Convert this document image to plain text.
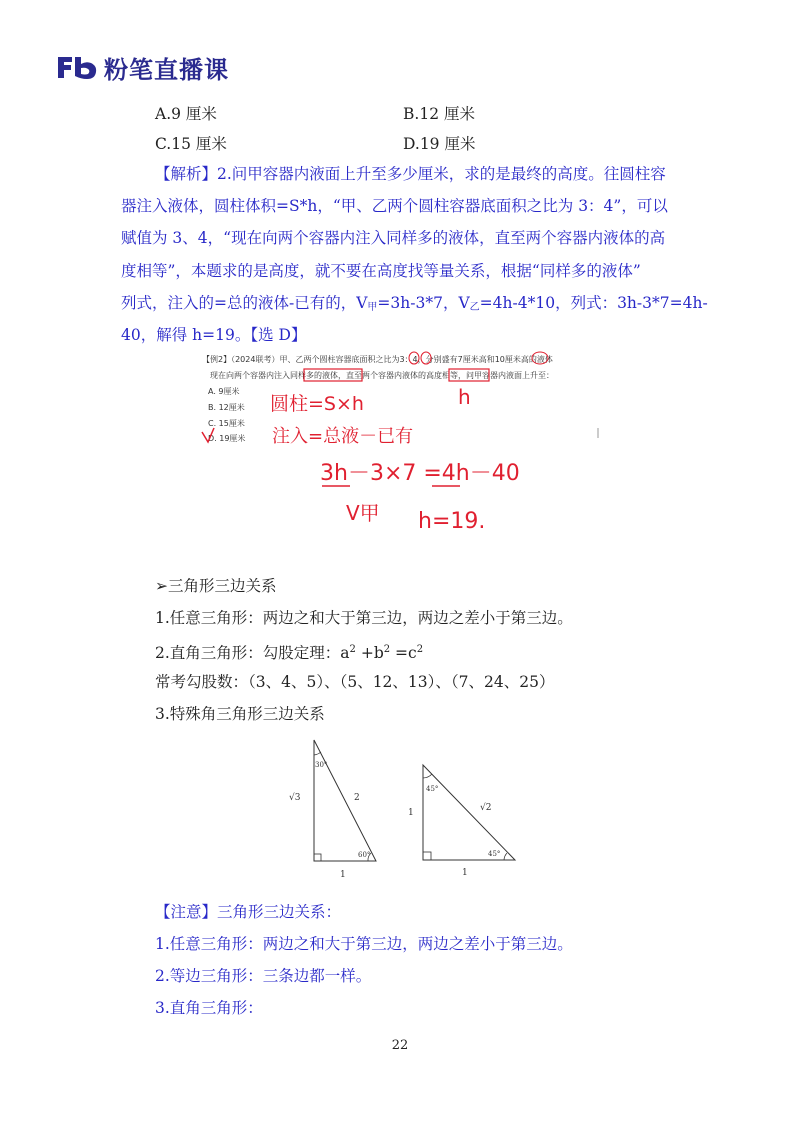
粉笔直播课
A.9 厘米	B.12 厘米
C.15 厘米	D.19 厘米
【解析】2.问甲容器内液面上升至多少厘米，求的是最终的高度。往圆柱容
器注入液体，圆柱体积=S*h，“甲、乙两个圆柱容器底面积之比为 3：4”，可以
赋值为 3、4，“现在向两个容器内注入同样多的液体，直至两个容器内液体的高
度相等”，本题求的是高度，就不要在高度找等量关系，根据“同样多的液体”
列式，注入的=总的液体-已有的，$V_甲=3h-3*7$，$V_乙=4h-4*10$，列式：3h-3*7=4h-
40，解得 h=19。【选 D】
【例2】（2024联考）甲、乙两个圆柱容器底面积之比为3：4，分别盛有7厘米高和10厘米高的液体
现在向两个容器内注入同样多的液体，直至两个容器内液体的高度相等，问甲容器内液面上升至：
A. 9厘米
B. 12厘米
C. 15厘米
D. 19厘米
h
圆柱=S×h
注入=总液－已有
3h－3×7 =4h－40
V甲 h=19.
➢三角形三边关系
1.任意三角形：两边之和大于第三边，两边之差小于第三边。
2.直角三角形：勾股定理：$a^2 +b^2 =c^2$
常考勾股数：（3、4、5）、（5、12、13）、（7、24、25）
3.特殊角三角形三边关系
30°
60°
√3	2
1
45°
45°
1	√2
1
【注意】三角形三边关系：
1.任意三角形：两边之和大于第三边，两边之差小于第三边。
2.等边三角形：三条边都一样。
3.直角三角形：
22
